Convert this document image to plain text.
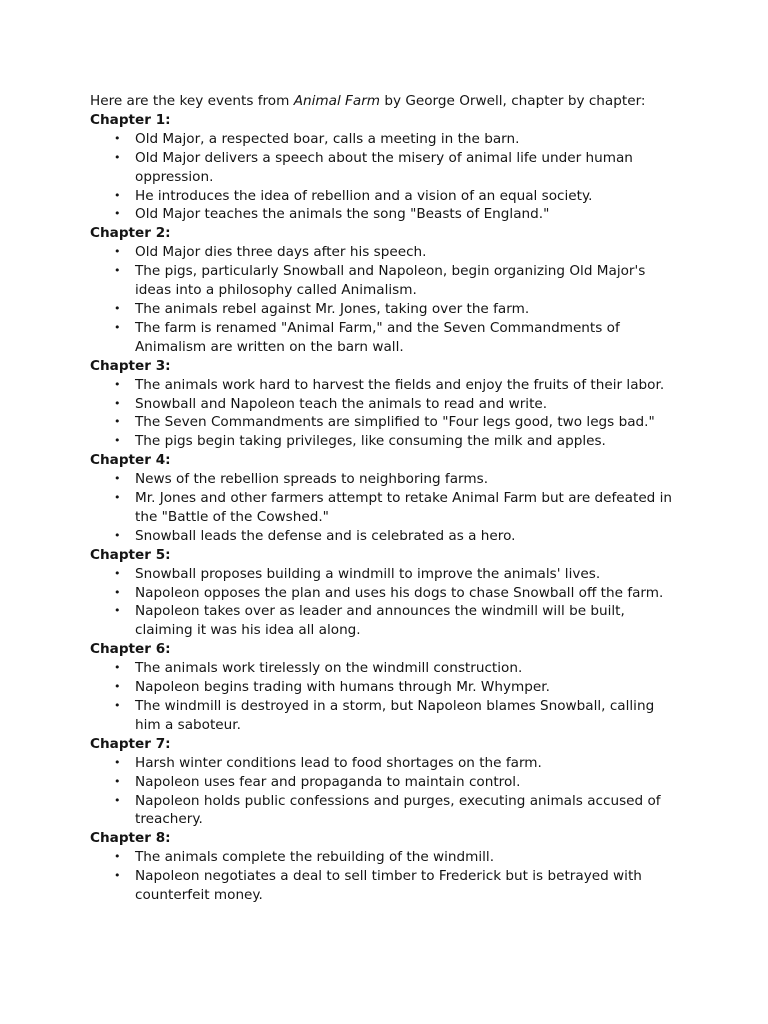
Here are the key events from Animal Farm by George Orwell, chapter by chapter:

Chapter 1:
• Old Major, a respected boar, calls a meeting in the barn.
• Old Major delivers a speech about the misery of animal life under human oppression.
• He introduces the idea of rebellion and a vision of an equal society.
• Old Major teaches the animals the song "Beasts of England."
Chapter 2:
• Old Major dies three days after his speech.
• The pigs, particularly Snowball and Napoleon, begin organizing Old Major's ideas into a philosophy called Animalism.
• The animals rebel against Mr. Jones, taking over the farm.
• The farm is renamed "Animal Farm," and the Seven Commandments of Animalism are written on the barn wall.
Chapter 3:
• The animals work hard to harvest the fields and enjoy the fruits of their labor.
• Snowball and Napoleon teach the animals to read and write.
• The Seven Commandments are simplified to "Four legs good, two legs bad."
• The pigs begin taking privileges, like consuming the milk and apples.
Chapter 4:
• News of the rebellion spreads to neighboring farms.
• Mr. Jones and other farmers attempt to retake Animal Farm but are defeated in the "Battle of the Cowshed."
• Snowball leads the defense and is celebrated as a hero.
Chapter 5:
• Snowball proposes building a windmill to improve the animals' lives.
• Napoleon opposes the plan and uses his dogs to chase Snowball off the farm.
• Napoleon takes over as leader and announces the windmill will be built, claiming it was his idea all along.
Chapter 6:
• The animals work tirelessly on the windmill construction.
• Napoleon begins trading with humans through Mr. Whymper.
• The windmill is destroyed in a storm, but Napoleon blames Snowball, calling him a saboteur.
Chapter 7:
• Harsh winter conditions lead to food shortages on the farm.
• Napoleon uses fear and propaganda to maintain control.
• Napoleon holds public confessions and purges, executing animals accused of treachery.
Chapter 8:
• The animals complete the rebuilding of the windmill.
• Napoleon negotiates a deal to sell timber to Frederick but is betrayed with counterfeit money.
